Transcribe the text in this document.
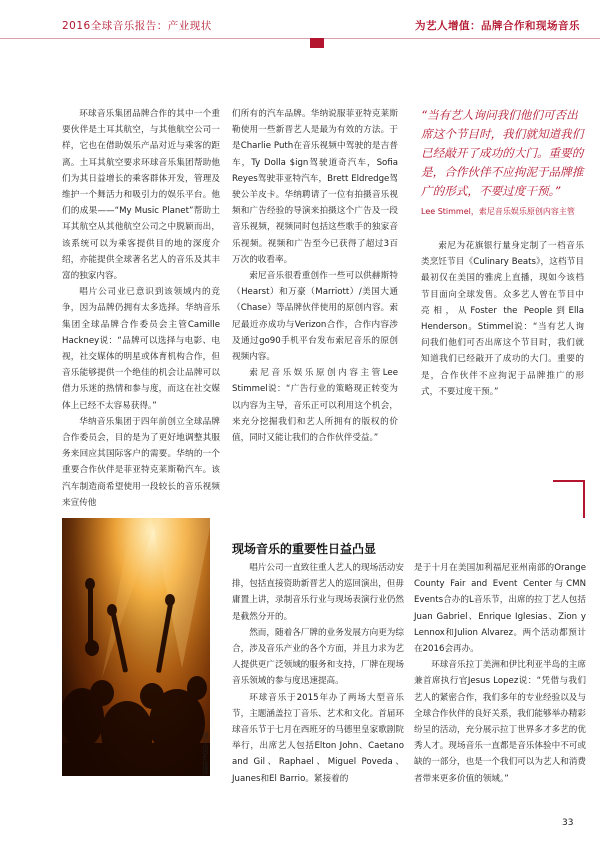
2016全球音乐报告：产业现状	为艺人增值：品牌合作和现场音乐

环球音乐集团品牌合作的其中一个重要伙伴是土耳其航空，与其他航空公司一样，它也在借助娱乐产品对近与乘客的距离。土耳其航空要求环球音乐集团帮助他们为其日益增长的乘客群体开发，管理及维护一个舞活力和吸引力的娱乐平台。他们的成果——“My Music Planet”帮助土耳其航空从其他航空公司之中脱颖而出，该系统可以为乘客提供目的地的深度介绍，亦能提供全球著名艺人的音乐及其丰富的独家内容。

唱片公司业已意识到该领域内的竞争，因为品牌仍拥有太多选择。华纳音乐集团全球品牌合作委员会主管Camille Hackney说：“品牌可以选择与电影、电视，社交媒体的明星或体育机构合作，但音乐能够提供一个绝佳的机会让品牌可以借力乐迷的热情和参与度，而这在社交媒体上已经不太容易获得。”

华纳音乐集团于四年前创立全球品牌合作委员会，目的是为了更好地调整其服务来回应其国际客户的需要。华纳的一个重要合作伙伴是菲亚特克莱斯勒汽车。该汽车制造商希望使用一段较长的音乐视频来宣传他

们所有的汽车品牌。华纳说服菲亚特克莱斯勒使用一些新晋艺人是最为有效的方法。于是Charlie Puth在音乐视频中驾驶的是吉普车，Ty Dolla $ign驾驶道奇汽车，Sofia Reyes驾驶菲亚特汽车，Brett Eldredge驾驶公羊皮卡。华纳聘请了一位有拍摄音乐视频和广告经验的导演来拍摄这个广告及一段音乐视频，视频同时包括这些歌手的独家音乐视频。视频和广告至今已获得了超过3百万次的收看率。

索尼音乐很看重创作一些可以供赫斯特（Hearst）和万豪（Marriott）/美国大通（Chase）等品牌伙伴使用的原创内容。索尼最近亦成功与Verizon合作，合作内容涉及通过go90手机平台发布索尼音乐的原创视频内容。

索尼音乐娱乐原创内容主管Lee Stimmel说：“广告行业的策略现正转变为以内容为主导，音乐正可以利用这个机会，来充分挖掘我们和艺人所拥有的版权的价值，同时又能让我们的合作伙伴受益。”

“当有艺人询问我们他们可否出席这个节目时，我们就知道我们已经敲开了成功的大门。重要的是，合作伙伴不应拘泥于品牌推广的形式，不要过度干预。”
Lee Stimmel，索尼音乐娱乐原创内容主管

索尼为花旗银行量身定制了一档音乐类烹饪节目《Culinary Beats》，这档节目最初仅在美国的雅虎上直播，现如今该档节目面向全球发售。众多艺人曾在节目中亮相，从Foster the People到Ella Henderson。Stimmel说：“当有艺人询问我们他们可否出席这个节目时，我们就知道我们已经敲开了成功的大门。重要的是，合作伙伴不应拘泥于品牌推广的形式，不要过度干预。”

图片由Ooci提供
现场音乐的重要性日益凸显

唱片公司一直致往重人艺人的现场活动安排，包括直接资助新晋艺人的巡回演出，但毋庸置上讲，录制音乐行业与现场表演行业仍然是截然分开的。

然而，随着各厂牌的业务发展方向更为综合，涉及音乐产业的各个方面，并且力求为艺人提供更广泛领域的服务和支持，厂牌在现场音乐领域的参与度迅速提高。

环球音乐于2015年办了两场大型音乐节，主题涵盖拉丁音乐、艺术和文化。首届环球音乐节于七月在西班牙的马德里皇家歌剧院举行，出席艺人包括Elton John、Caetano and Gil、Raphael、Miguel Poveda、Juanes和El Barrio。紧接着的

是于十月在美国加利福尼亚州南部的Orange County Fair and Event Center与CMN Events合办的L音乐节，出席的拉丁艺人包括Juan Gabriel、Enrique Iglesias、Zion y Lennox和Julion Alvarez。两个活动都预计在2016会再办。

环球音乐拉丁美洲和伊比利亚半岛的主席兼首席执行官Jesus Lopez说：“凭借与我们艺人的紧密合作，我们多年的专业经验以及与全球合作伙伴的良好关系，我们能够举办精彩纷呈的活动，充分展示拉丁世界多才多艺的优秀人才。现场音乐一直都是音乐体验中不可或缺的一部分，也是一个我们可以为艺人和消费者带来更多价值的领域。”

33
